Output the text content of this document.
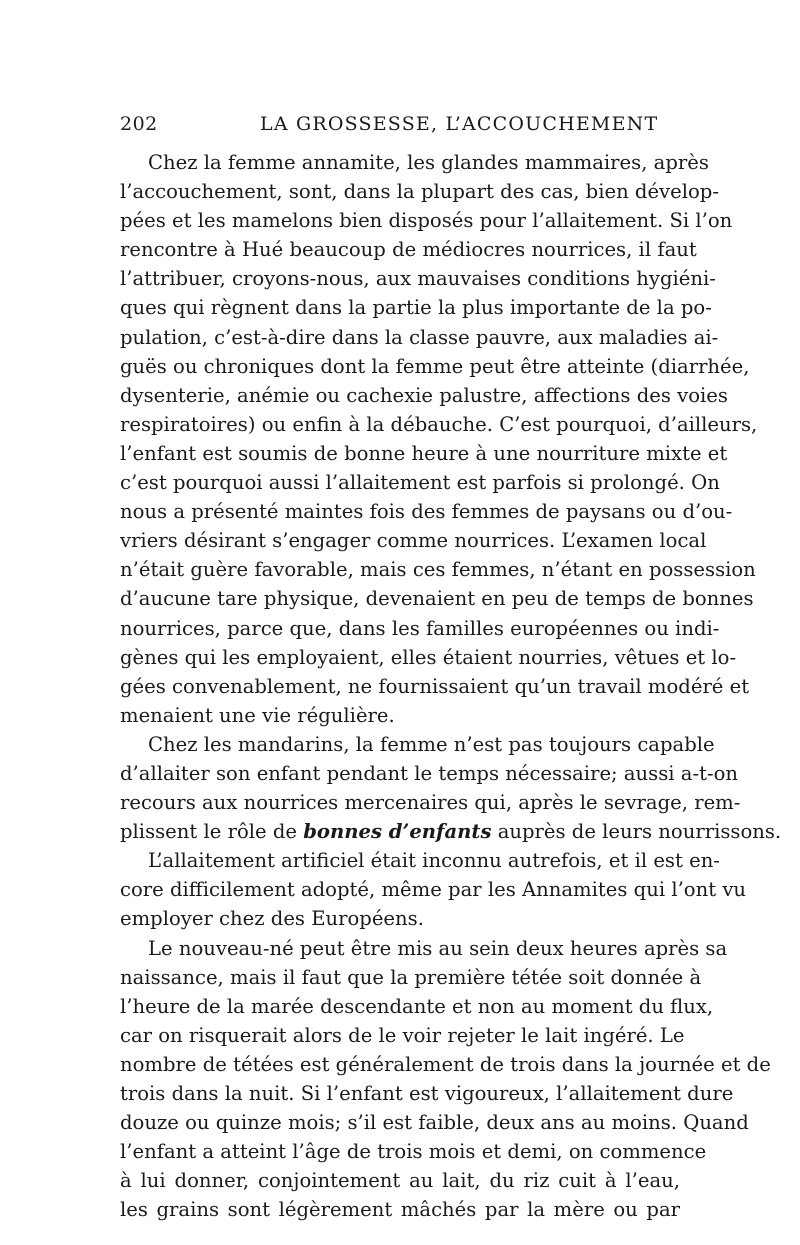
202	LA GROSSESSE, L’ACCOUCHEMENT
Chez la femme annamite, les glandes mammaires, après
l’accouchement, sont, dans la plupart des cas, bien dévelop-
pées et les mamelons bien disposés pour l’allaitement. Si l’on
rencontre à Hué beaucoup de médiocres nourrices, il faut
l’attribuer, croyons-nous, aux mauvaises conditions hygiéni-
ques qui règnent dans la partie la plus importante de la po-
pulation, c’est-à-dire dans la classe pauvre, aux maladies ai-
guës ou chroniques dont la femme peut être atteinte (diarrhée,
dysenterie, anémie ou cachexie palustre, affections des voies
respiratoires) ou enfin à la débauche. C’est pourquoi, d’ailleurs,
l’enfant est soumis de bonne heure à une nourriture mixte et
c’est pourquoi aussi l’allaitement est parfois si prolongé. On
nous a présenté maintes fois des femmes de paysans ou d’ou-
vriers désirant s’engager comme nourrices. L’examen local
n’était guère favorable, mais ces femmes, n’étant en possession
d’aucune tare physique, devenaient en peu de temps de bonnes
nourrices, parce que, dans les familles européennes ou indi-
gènes qui les employaient, elles étaient nourries, vêtues et lo-
gées convenablement, ne fournissaient qu’un travail modéré et
menaient une vie régulière.
Chez les mandarins, la femme n’est pas toujours capable
d’allaiter son enfant pendant le temps nécessaire; aussi a-t-on
recours aux nourrices mercenaires qui, après le sevrage, rem-
plissent le rôle de bonnes d’enfants auprès de leurs nourrissons.
L’allaitement artificiel était inconnu autrefois, et il est en-
core difficilement adopté, même par les Annamites qui l’ont vu
employer chez des Européens.
Le nouveau-né peut être mis au sein deux heures après sa
naissance, mais il faut que la première tétée soit donnée à
l’heure de la marée descendante et non au moment du flux,
car on risquerait alors de le voir rejeter le lait ingéré. Le
nombre de tétées est généralement de trois dans la journée et de
trois dans la nuit. Si l’enfant est vigoureux, l’allaitement dure
douze ou quinze mois; s’il est faible, deux ans au moins. Quand
l’enfant a atteint l’âge de trois mois et demi, on commence
à lui donner, conjointement au lait, du riz cuit à l’eau,
les grains sont légèrement mâchés par la mère ou par
